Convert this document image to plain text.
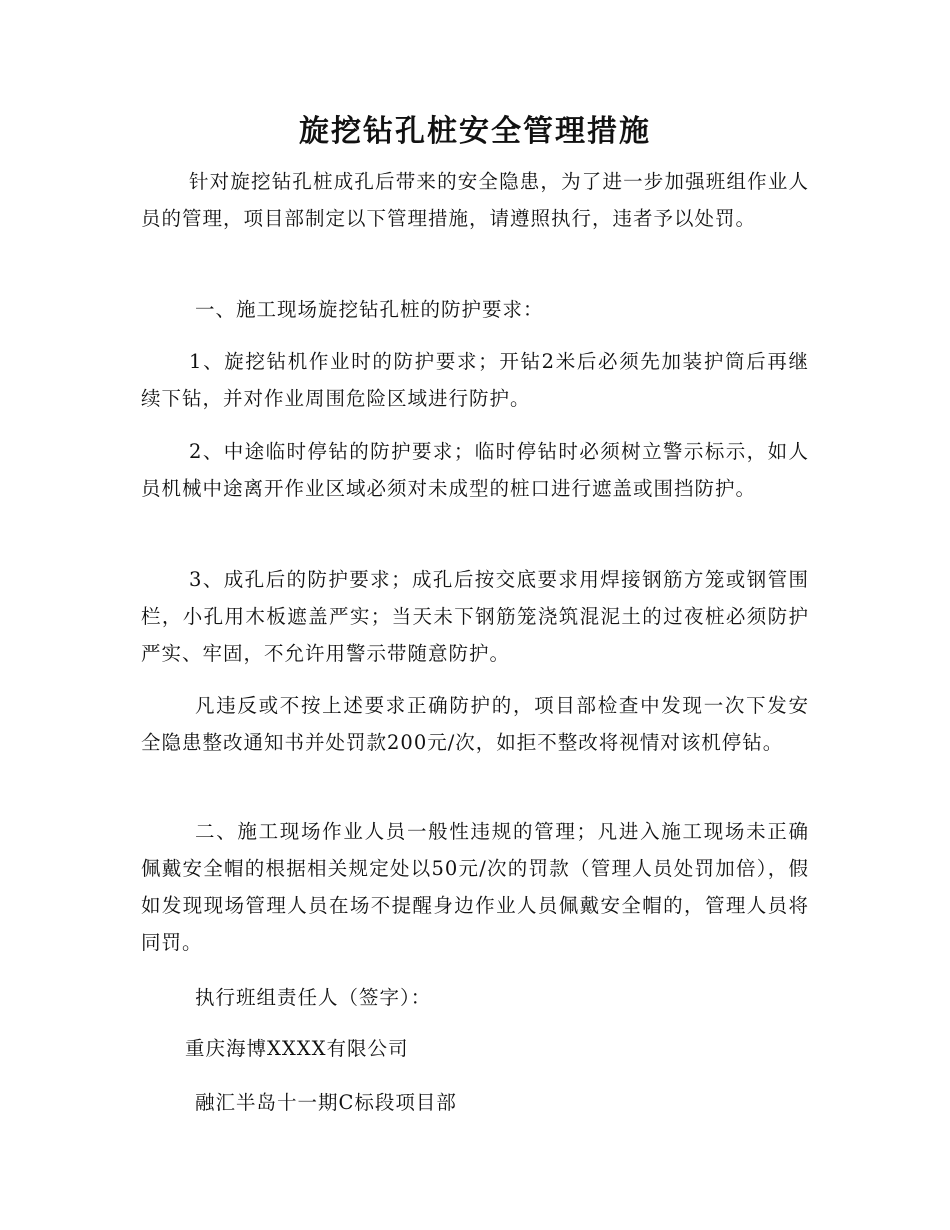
旋挖钻孔桩安全管理措施
针对旋挖钻孔桩成孔后带来的安全隐患，为了进一步加强班组作业人员的管理，项目部制定以下管理措施，请遵照执行，违者予以处罚。
一、施工现场旋挖钻孔桩的防护要求：
1、旋挖钻机作业时的防护要求；开钻2米后必须先加装护筒后再继续下钻，并对作业周围危险区域进行防护。
2、中途临时停钻的防护要求；临时停钻时必须树立警示标示，如人员机械中途离开作业区域必须对未成型的桩口进行遮盖或围挡防护。
3、成孔后的防护要求；成孔后按交底要求用焊接钢筋方笼或钢管围栏，小孔用木板遮盖严实；当天未下钢筋笼浇筑混泥土的过夜桩必须防护严实、牢固，不允许用警示带随意防护。
凡违反或不按上述要求正确防护的，项目部检查中发现一次下发安全隐患整改通知书并处罚款200元/次，如拒不整改将视情对该机停钻。
二、施工现场作业人员一般性违规的管理；凡进入施工现场未正确佩戴安全帽的根据相关规定处以50元/次的罚款（管理人员处罚加倍），假如发现现场管理人员在场不提醒身边作业人员佩戴安全帽的，管理人员将同罚。
执行班组责任人（签字）：
重庆海博XXXX有限公司
融汇半岛十一期C标段项目部
